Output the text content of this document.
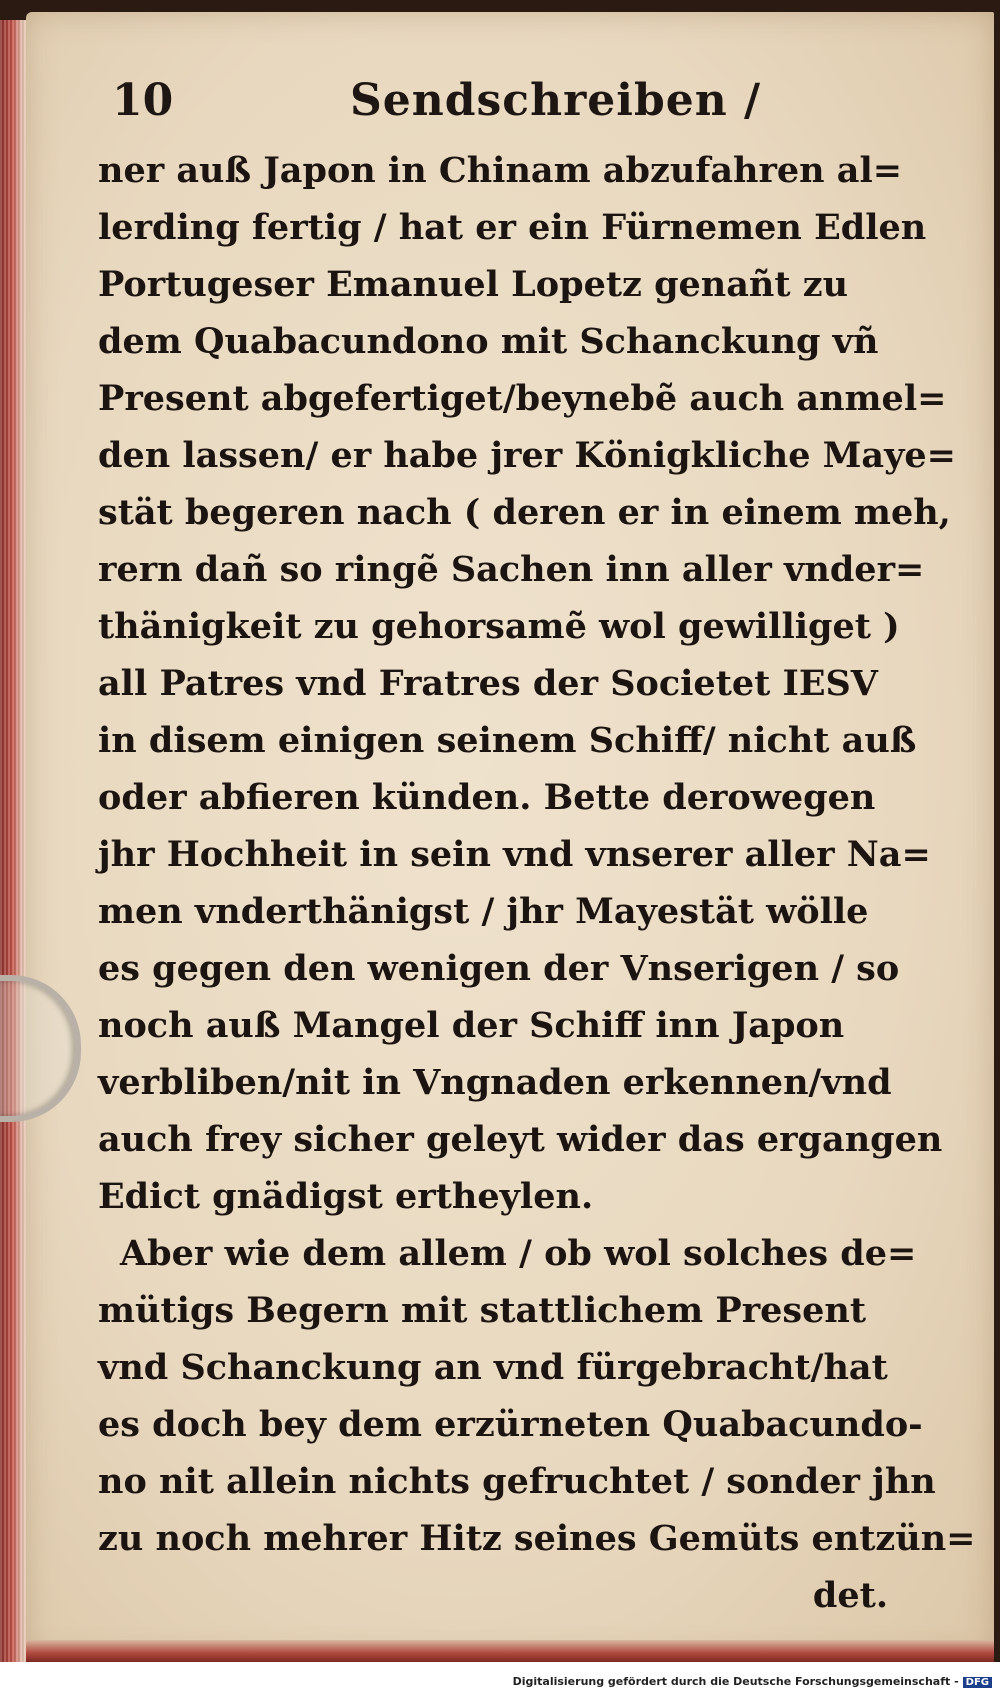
10	Sendschreiben /
ner auß Japon in Chinam abzufahren al=
lerding fertig / hat er ein Fürnemen Edlen
Portugeser Emanuel Lopetz genañt zu
dem Quabacundono mit Schanckung vñ
Present abgefertiget/beynebẽ auch anmel=
den lassen/ er habe jrer Königkliche Maye=
stät begeren nach ( deren er in einem meh,
rern dañ so ringẽ Sachen inn aller vnder=
thänigkeit zu gehorsamẽ wol gewilliget )
all Patres vnd Fratres der Societet IESV
in disem einigen seinem Schiff/ nicht auß
oder abfieren künden. Bette derowegen
jhr Hochheit in sein vnd vnserer aller Na=
men vnderthänigst / jhr Mayestät wölle
es gegen den wenigen der Vnserigen / so
noch auß Mangel der Schiff inn Japon
verbliben/nit in Vngnaden erkennen/vnd
auch frey sicher geleyt wider das ergangen
Edict gnädigst ertheylen.
Aber wie dem allem / ob wol solches de=
mütigs Begern mit stattlichem Present
vnd Schanckung an vnd fürgebracht/hat
es doch bey dem erzürneten Quabacundo-
no nit allein nichts gefruchtet / sonder jhn
zu noch mehrer Hitz seines Gemüts entzün=
det.
Digitalisierung gefördert durch die Deutsche Forschungsgemeinschaft - DFG
